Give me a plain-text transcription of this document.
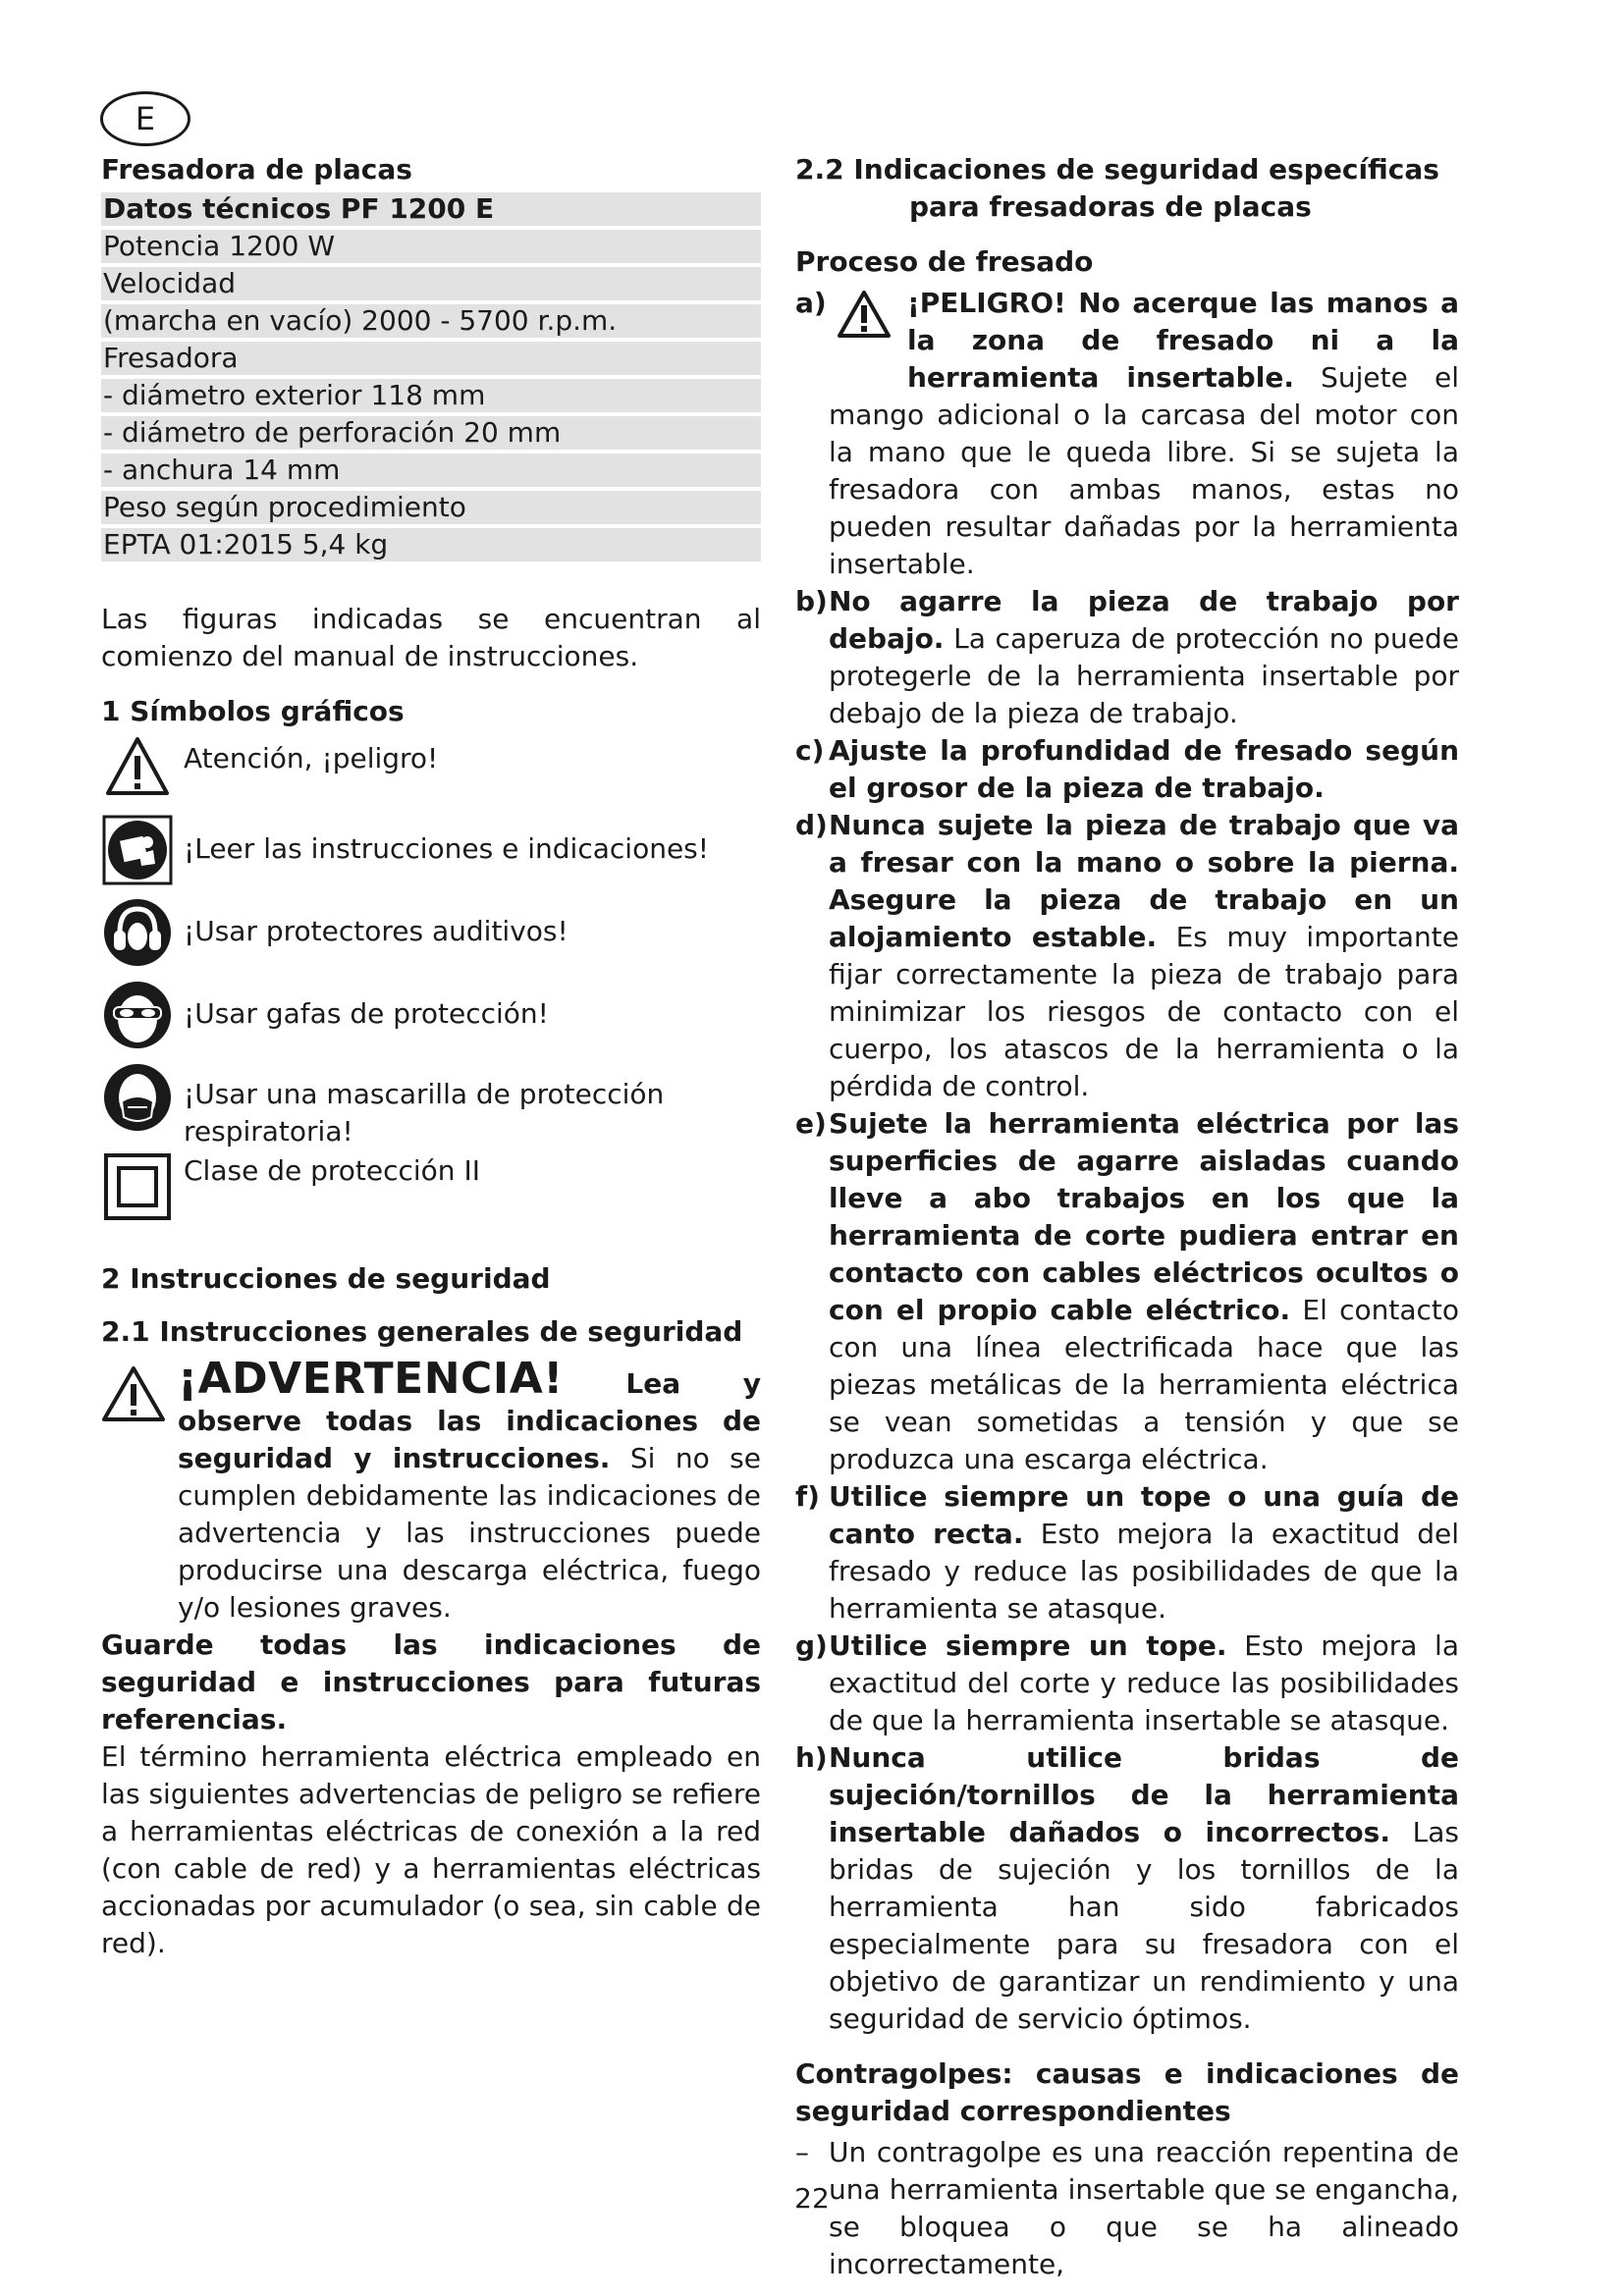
E
Fresadora de placas
Datos técnicos PF 1200 E
Potencia 1200 W
Velocidad
(marcha en vacío) 2000 - 5700 r.p.m.
Fresadora
- diámetro exterior 118 mm
- diámetro de perforación 20 mm
- anchura 14 mm
Peso según procedimiento
EPTA 01:2015 5,4 kg
Las figuras indicadas se encuentran al comienzo del manual de instrucciones.
1 Símbolos gráficos
Atención, ¡peligro!
¡Leer las instrucciones e indicaciones!
¡Usar protectores auditivos!
¡Usar gafas de protección!
¡Usar una mascarilla de protección respiratoria!
Clase de protección II
2 Instrucciones de seguridad
2.1 Instrucciones generales de seguridad
¡ADVERTENCIA! Lea y observe todas las indicaciones de seguridad y instrucciones. Si no se cumplen debidamente las indicaciones de advertencia y las instrucciones puede producirse una descarga eléctrica, fuego y/o lesiones graves.
Guarde todas las indicaciones de seguridad e instrucciones para futuras referencias.
El término herramienta eléctrica empleado en las siguientes advertencias de peligro se refiere a herramientas eléctricas de conexión a la red (con cable de red) y a herramientas eléctricas accionadas por acumulador (o sea, sin cable de red).
2.2 Indicaciones de seguridad específicas
para fresadoras de placas
Proceso de fresado
a)	¡PELIGRO! No acerque las manos a la zona de fresado ni a la herramienta insertable. Sujete el mango adicional o la carcasa del motor con la mano que le queda libre. Si se sujeta la fresadora con ambas manos, estas no pueden resultar dañadas por la herramienta insertable.
b) No agarre la pieza de trabajo por debajo. La caperuza de protección no puede protegerle de la herramienta insertable por debajo de la pieza de trabajo.
c) Ajuste la profundidad de fresado según el grosor de la pieza de trabajo.
d) Nunca sujete la pieza de trabajo que va a fresar con la mano o sobre la pierna. Asegure la pieza de trabajo en un alojamiento estable. Es muy importante fijar correctamente la pieza de trabajo para minimizar los riesgos de contacto con el cuerpo, los atascos de la herramienta o la pérdida de control.
e) Sujete la herramienta eléctrica por las superficies de agarre aisladas cuando lleve a abo trabajos en los que la herramienta de corte pudiera entrar en contacto con cables eléctricos ocultos o con el propio cable eléctrico. El contacto con una línea electrificada hace que las piezas metálicas de la herramienta eléctrica se vean sometidas a tensión y que se produzca una escarga eléctrica.
f) Utilice siempre un tope o una guía de canto recta. Esto mejora la exactitud del fresado y reduce las posibilidades de que la herramienta se atasque.
g) Utilice siempre un tope. Esto mejora la exactitud del corte y reduce las posibilidades de que la herramienta insertable se atasque.
h) Nunca utilice bridas de sujeción/tornillos de la herramienta insertable dañados o incorrectos. Las bridas de sujeción y los tornillos de la herramienta han sido fabricados especialmente para su fresadora con el objetivo de garantizar un rendimiento y una seguridad de servicio óptimos.
Contragolpes: causas e indicaciones de seguridad correspondientes
– Un contragolpe es una reacción repentina de una herramienta insertable que se engancha, se bloquea o que se ha alineado incorrectamente,
22
